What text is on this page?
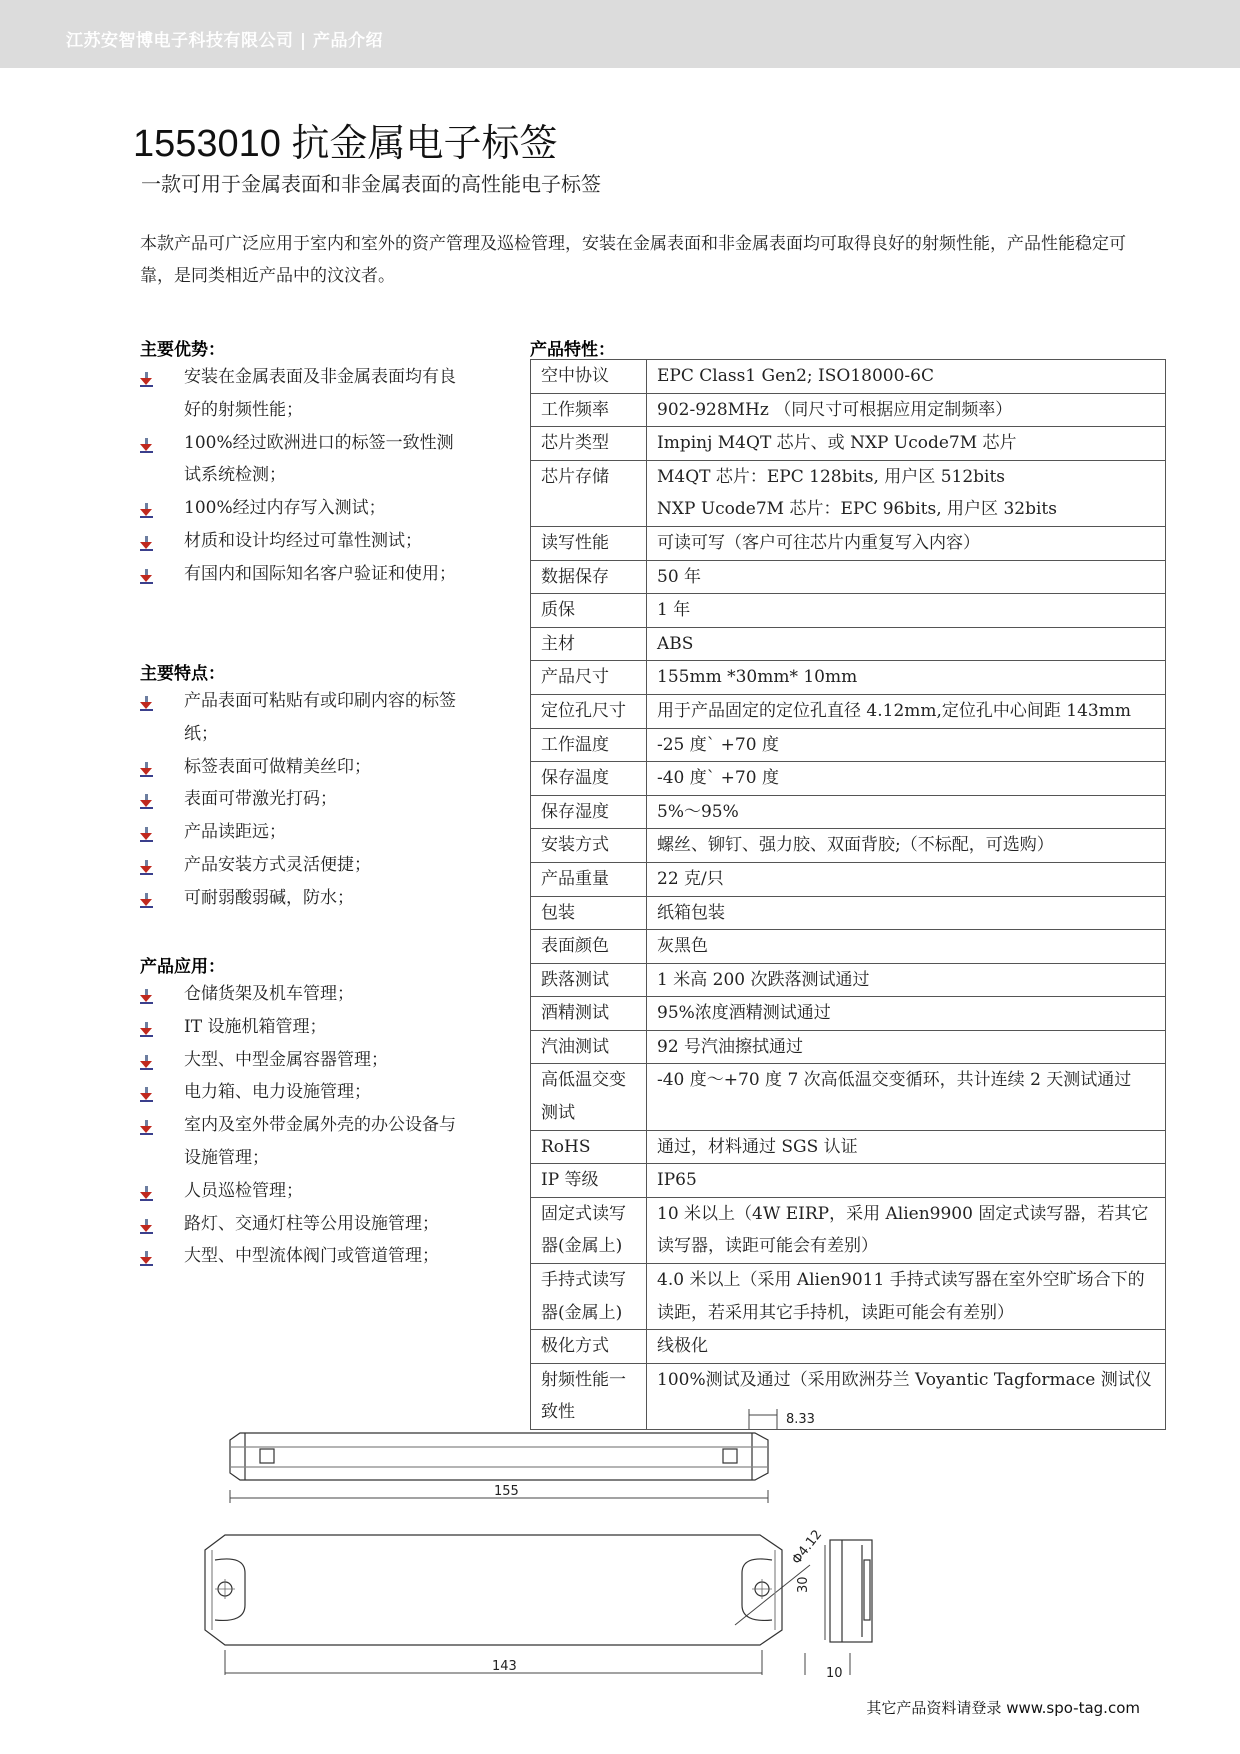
江苏安智博电子科技有限公司 | 产品介绍
1553010 抗金属电子标签
一款可用于金属表面和非金属表面的高性能电子标签
本款产品可广泛应用于室内和室外的资产管理及巡检管理，安装在金属表面和非金属表面均可取得良好的射频性能，产品性能稳定可靠，是同类相近产品中的汶汶者。
主要优势：
安装在金属表面及非金属表面均有良好的射频性能；
100%经过欧洲进口的标签一致性测试系统检测；
100%经过内存写入测试；
材质和设计均经过可靠性测试；
有国内和国际知名客户验证和使用；
主要特点：
产品表面可粘贴有或印刷内容的标签纸；
标签表面可做精美丝印；
表面可带激光打码；
产品读距远；
产品安装方式灵活便捷；
可耐弱酸弱碱，防水；
产品应用：
仓储货架及机车管理；
IT 设施机箱管理；
大型、中型金属容器管理；
电力箱、电力设施管理；
室内及室外带金属外壳的办公设备与设施管理；
人员巡检管理；
路灯、交通灯柱等公用设施管理；
大型、中型流体阀门或管道管理；
产品特性：
空中协议	EPC Class1 Gen2; ISO18000-6C
工作频率	902-928MHz （同尺寸可根据应用定制频率）
芯片类型	Impinj M4QT 芯片、或 NXP Ucode7M 芯片
芯片存储	M4QT 芯片：EPC 128bits, 用户区 512bits
NXP Ucode7M 芯片：EPC 96bits, 用户区 32bits
读写性能	可读可写（客户可往芯片内重复写入内容）
数据保存	50 年
质保	1 年
主材	ABS
产品尺寸	155mm *30mm* 10mm
定位孔尺寸	用于产品固定的定位孔直径 4.12mm,定位孔中心间距 143mm
工作温度	-25 度` +70 度
保存温度	-40 度` +70 度
保存湿度	5%～95%
安装方式	螺丝、铆钉、强力胶、双面背胶;（不标配，可选购）
产品重量	22 克/只
包装	纸箱包装
表面颜色	灰黑色
跌落测试	1 米高 200 次跌落测试通过
酒精测试	95%浓度酒精测试通过
汽油测试	92 号汽油擦拭通过
高低温交变测试	-40 度～+70 度 7 次高低温交变循环，共计连续 2 天测试通过
RoHS	通过，材料通过 SGS 认证
IP 等级	IP65
固定式读写器(金属上)	10 米以上（4W EIRP，采用 Alien9900 固定式读写器，若其它读写器，读距可能会有差别）
手持式读写器(金属上)	4.0 米以上（采用 Alien9011 手持式读写器在室外空旷场合下的读距，若采用其它手持机，读距可能会有差别）
极化方式	线极化
射频性能一致性	100%测试及通过（采用欧洲芬兰 Voyantic Tagformace 测试仪
8.33
155
143	10
30
Φ4.12
其它产品资料请登录 www.spo-tag.com
